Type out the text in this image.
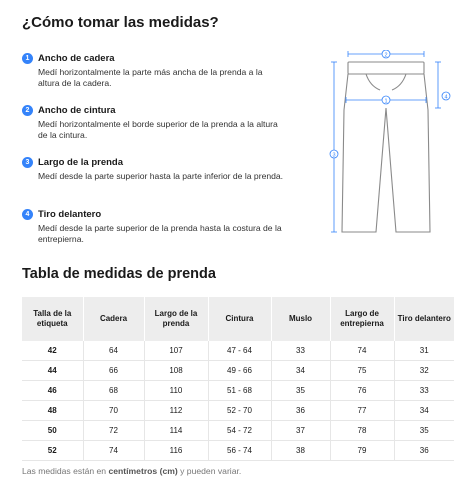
¿Cómo tomar las medidas?
1 Ancho de cadera
Medí horizontalmente la parte más ancha de la prenda a la altura de la cadera.
2 Ancho de cintura
Medí horizontalmente el borde superior de la prenda a la altura de la cintura.
3 Largo de la prenda
Medí desde la parte superior hasta la parte inferior de la prenda.
4 Tiro delantero
Medí desde la parte superior de la prenda hasta la costura de la entrepierna.
2
1
3
4
Tabla de medidas de prenda
Talla de la etiqueta	Cadera	Largo de la prenda	Cintura	Muslo	Largo de entrepierna	Tiro delantero
42	64	107	47 - 64	33	74	31
44	66	108	49 - 66	34	75	32
46	68	110	51 - 68	35	76	33
48	70	112	52 - 70	36	77	34
50	72	114	54 - 72	37	78	35
52	74	116	56 - 74	38	79	36
Las medidas están en centímetros (cm) y pueden variar.
